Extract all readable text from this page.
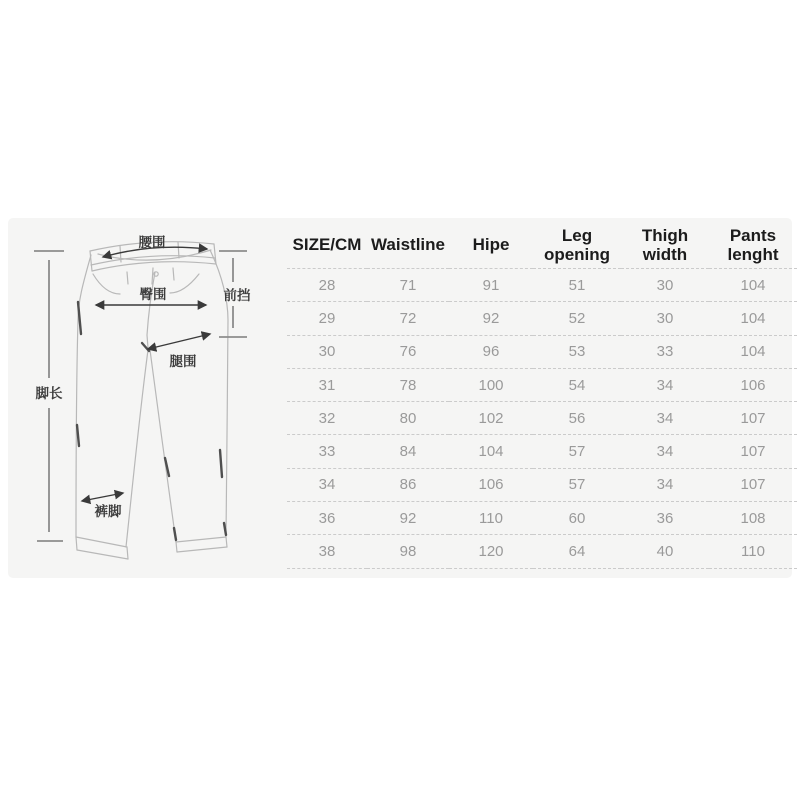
腰围
臀围	前挡
腿围
脚长
裤脚
SIZE/CM	Waistline	Hipe	Leg opening	Thigh width	Pants lenght
28	71	91	51	30	104
29	72	92	52	30	104
30	76	96	53	33	104
31	78	100	54	34	106
32	80	102	56	34	107
33	84	104	57	34	107
34	86	106	57	34	107
36	92	110	60	36	108
38	98	120	64	40	110
